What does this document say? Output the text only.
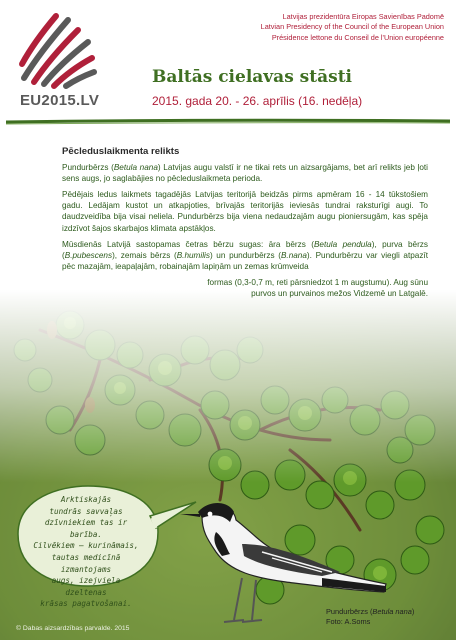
EU2015.LV
Latvijas prezidentūra Eiropas Savienības Padomē
Latvian Presidency of the Council of the European Union
Présidence lettone du Conseil de l'Union européenne
Baltās cielavas stāsti
2015. gada 20. - 26. aprīlis (16. nedēļa)
Pēcleduslaikmenta relikts

Pundurbērzs (Betula nana) Latvijas augu valstī ir ne tikai rets un aizsargājams, bet arī relikts jeb ļoti sens augs, jo saglabājies no pēcleduslaikmeta perioda.

Pēdējais ledus laikmets tagadējās Latvijas teritorijā beidzās pirms apmēram 16 - 14 tūkstošiem gadu. Ledājam kustot un atkapjoties, brīvajās teritorijās ieviesās tundrai raksturīgi augi. To daudzveidība bija visai neliela. Pundurbērzs bija viena nedaudzajām augu pioniersugām, kas spēja izdzīvot šajos skarbajos klimata apstākļos.

Mūsdienās Latvijā sastopamas četras bērzu sugas: āra bērzs (Betula pendula), purva bērzs (B.pubescens), zemais bērzs (B.humilis) un pundurbērzs (B.nana). Pundurbērzu var viegli atpazīt pēc mazajām, ieapaļajām, robainajām lapiņām un zemas krūmveida

formas (0,3-0,7 m, reti pārsniedzot 1 m augstumu). Aug sūnu
purvos un purvainos mežos Vidzemē un Latgalē.

Arktiskajās
tundrās savvaļas
dzīvniekiem tas ir barība.
Cilvēkiem – kurināmais,
tautas medicīnā izmantojams
augs, izejviela dzeltenas
krāsas pagatvošanai.
Pundurbērzs (Betula nana)
Foto: A.Soms
© Dabas aizsardzības parvalde. 2015
